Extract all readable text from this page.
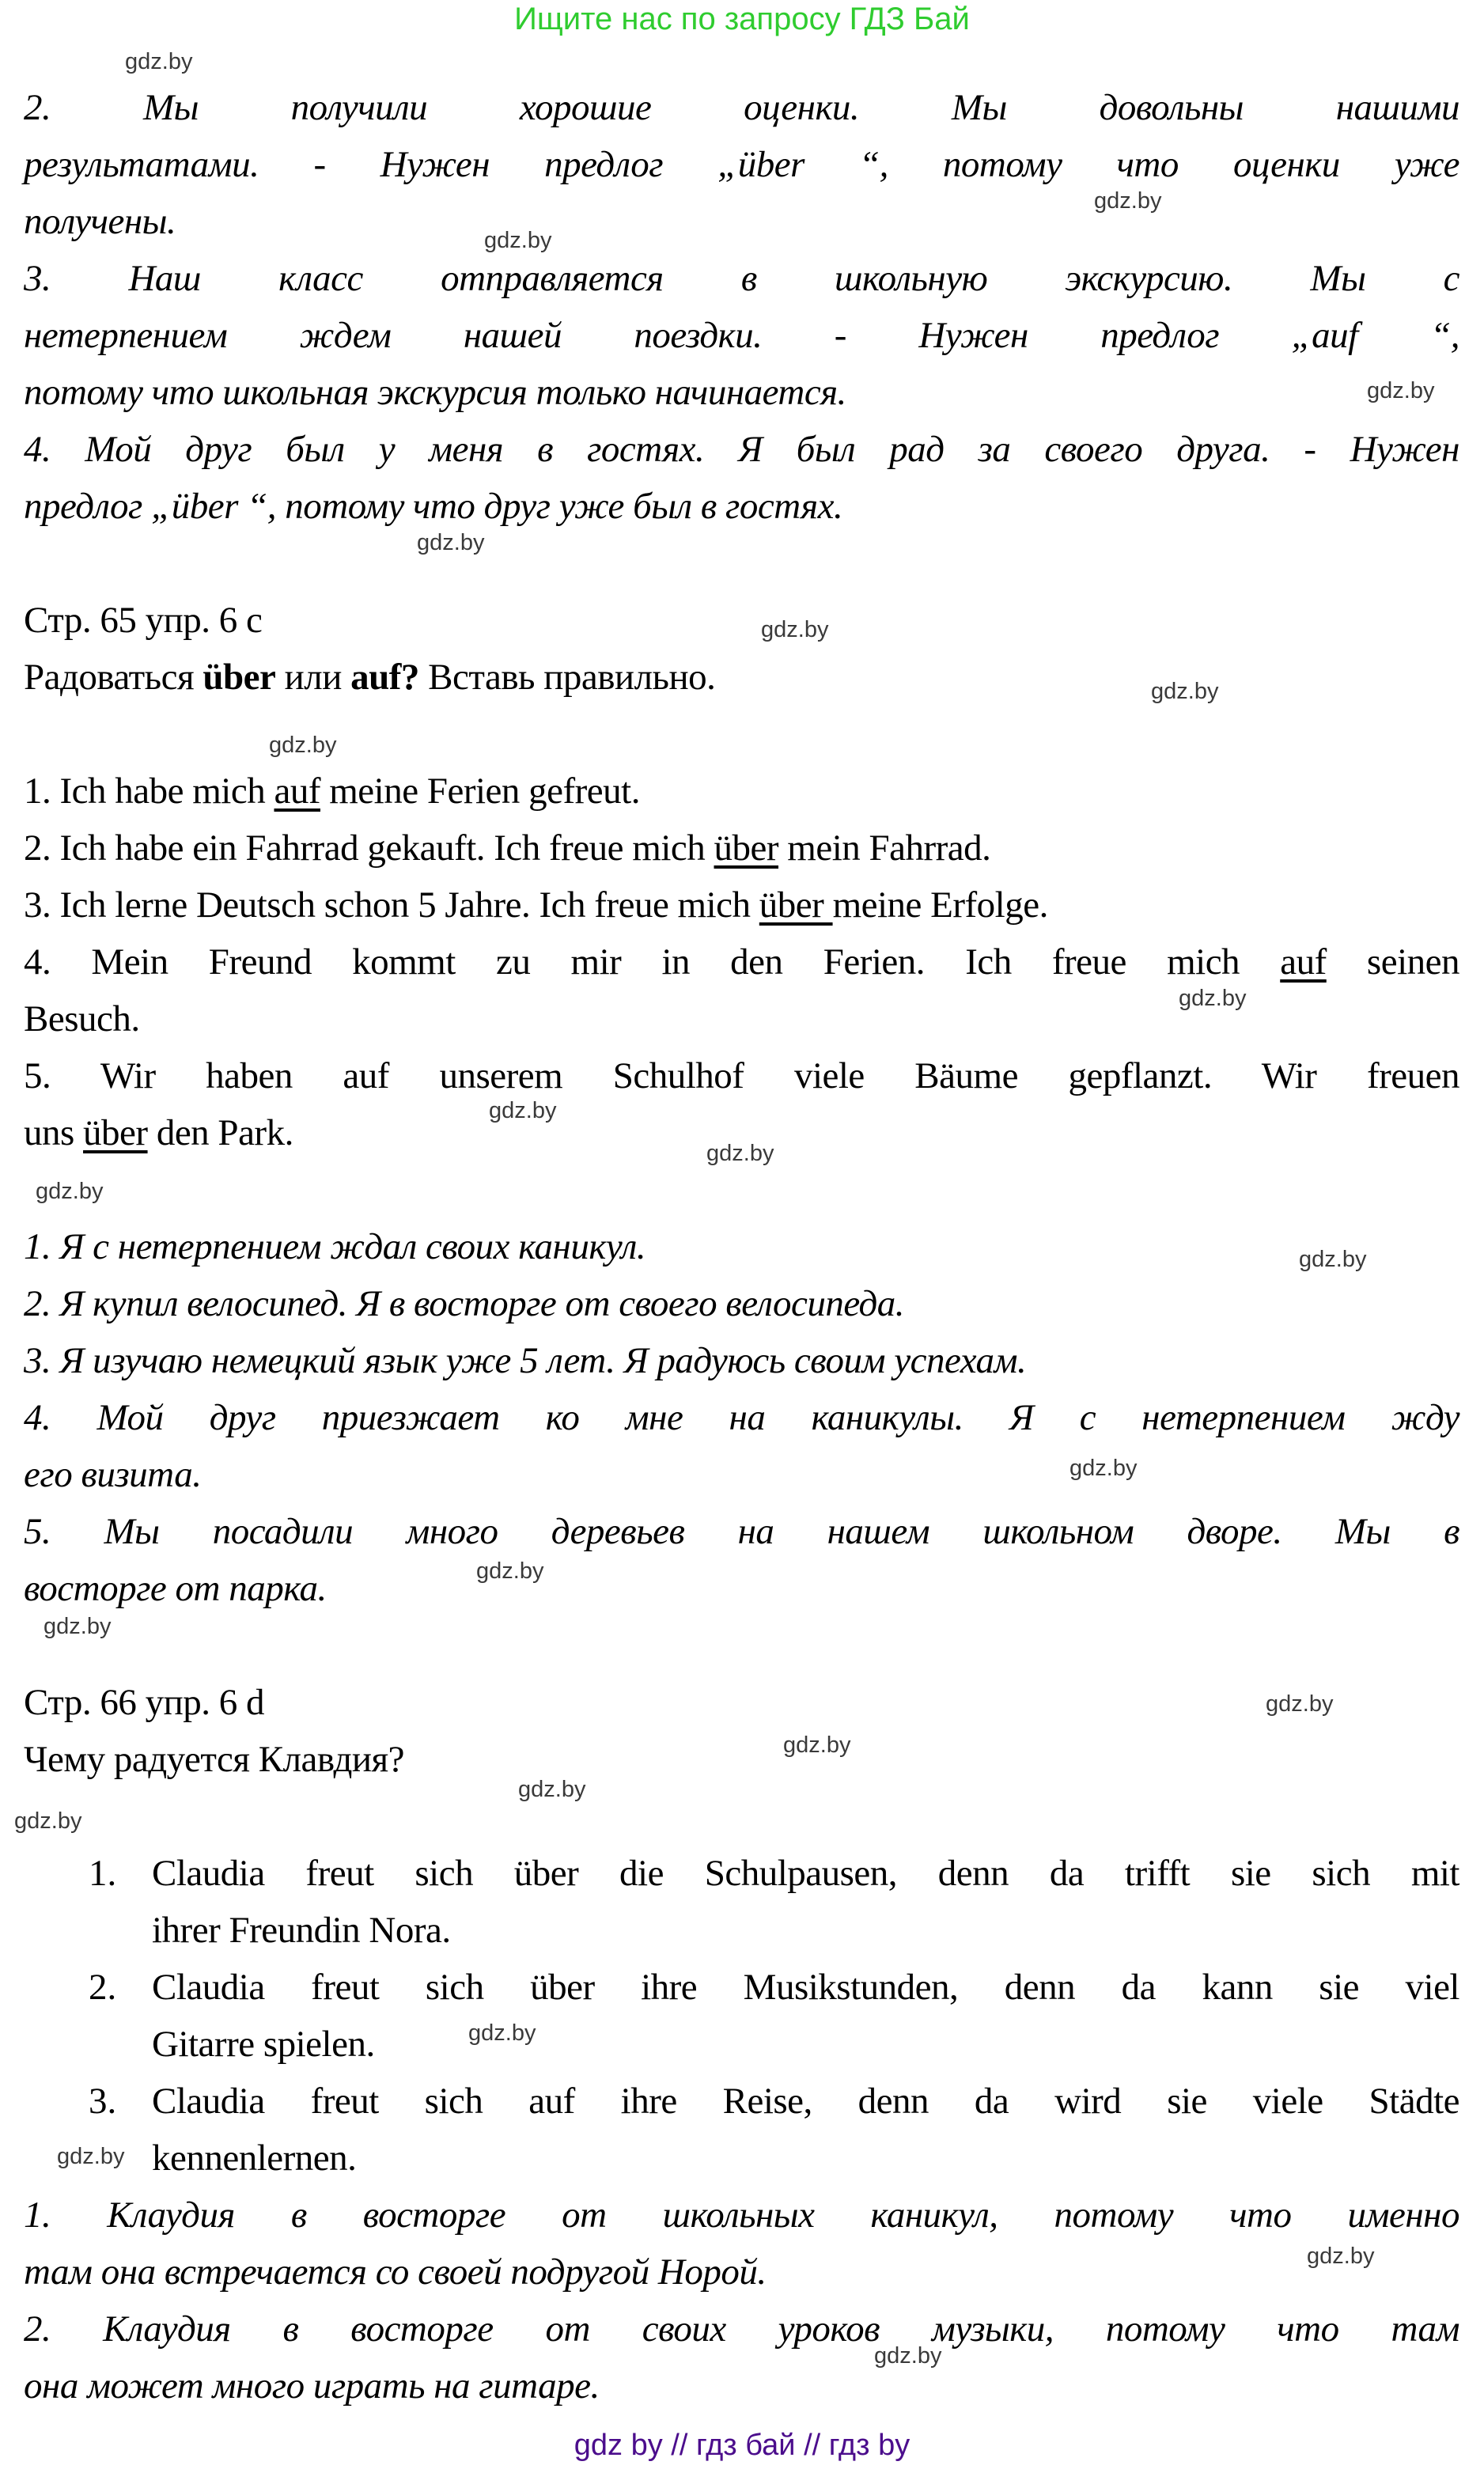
Ищите нас по запросу ГДЗ Бай
gdz.by
gdz.by
gdz.by
gdz.by
gdz.by
gdz.by
gdz.by
gdz.by
gdz.by
gdz.by
gdz.by
gdz.by
gdz.by
gdz.by
gdz.by
gdz.by
gdz.by
gdz.by
gdz.by
gdz.by
gdz.by
gdz.by
gdz.by
gdz.by
2. Мы получили хорошие оценки. Мы довольны нашими
результатами. - Нужен предлог „über “, потому что оценки уже
получены.
3. Наш класс отправляется в школьную экскурсию. Мы с
нетерпением ждем нашей поездки. - Нужен предлог „auf “,
потому что школьная экскурсия только начинается.
4. Мой друг был у меня в гостях. Я был рад за своего друга. - Нужен
предлог „über “, потому что друг уже был в гостях.
Стр. 65 упр. 6 с
Радоваться über или auf? Вставь правильно.
1. Ich habe mich auf meine Ferien gefreut.
2. Ich habe ein Fahrrad gekauft. Ich freue mich über mein Fahrrad.
3. Ich lerne Deutsch schon 5 Jahre. Ich freue mich über meine Erfolge.
4. Mein Freund kommt zu mir in den Ferien. Ich freue mich auf seinen
Besuch.
5. Wir haben auf unserem Schulhof viele Bäume gepflanzt. Wir freuen
uns über den Park.
1. Я с нетерпением ждал своих каникул.
2. Я купил велосипед. Я в восторге от своего велосипеда.
3. Я изучаю немецкий язык уже 5 лет. Я радуюсь своим успехам.
4. Мой друг приезжает ко мне на каникулы. Я с нетерпением жду
его визита.
5. Мы посадили много деревьев на нашем школьном дворе. Мы в
восторге от парка.
Стр. 66 упр. 6 d
Чему радуется Клавдия?
1. Claudia freut sich über die Schulpausen, denn da trifft sie sich mit
ihrer Freundin Nora.
2. Claudia freut sich über ihre Musikstunden, denn da kann sie viel
Gitarre spielen.
3. Claudia freut sich auf ihre Reise, denn da wird sie viele Städte
kennenlernen.
1. Клаудия в восторге от школьных каникул, потому что именно
там она встречается со своей подругой Норой.
2. Клаудия в восторге от своих уроков музыки, потому что там
она может много играть на гитаре.
gdz by // гдз бай // гдз by
